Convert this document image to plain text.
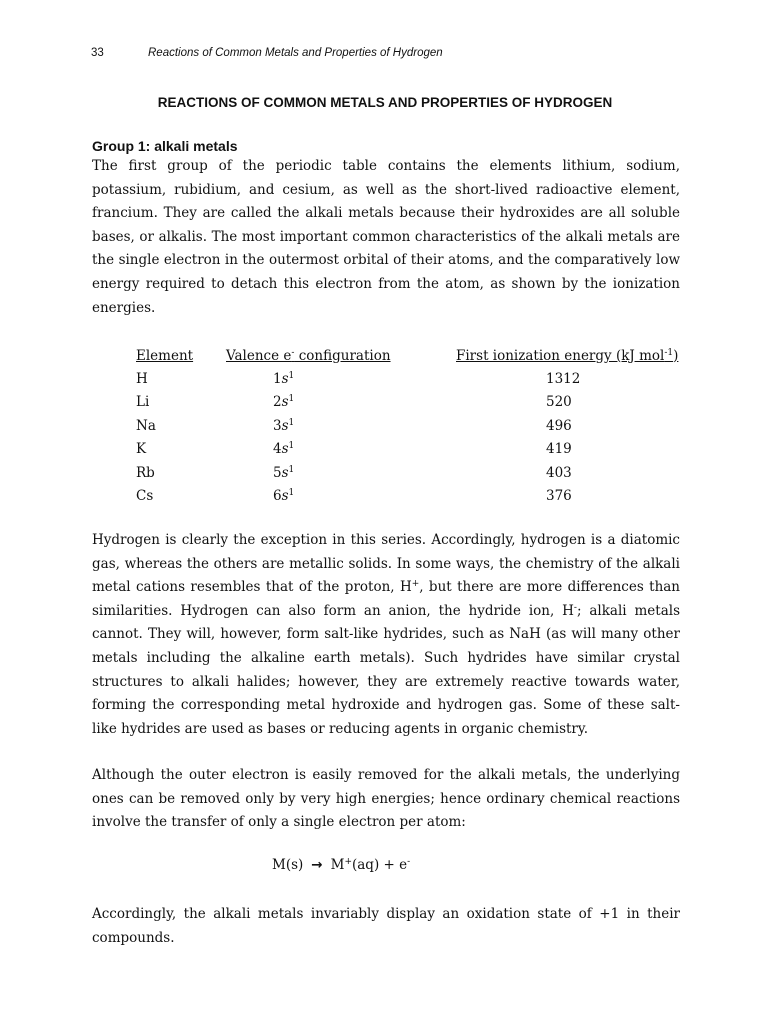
33	Reactions of Common Metals and Properties of Hydrogen
REACTIONS OF COMMON METALS AND PROPERTIES OF HYDROGEN
Group 1: alkali metals

The first group of the periodic table contains the elements lithium, sodium, potassium, rubidium, and cesium, as well as the short-lived radioactive element, francium. They are called the alkali metals because their hydroxides are all soluble bases, or alkalis. The most important common characteristics of the alkali metals are the single electron in the outermost orbital of their atoms, and the comparatively low energy required to detach this electron from the atom, as shown by the ionization energies.

Element	Valence e- configuration	First ionization energy (kJ mol$^{-1}$)
H	$1s^1$	1312
Li	$2s^1$	520
Na	$3s^1$	496
K	$4s^1$	419
Rb	$5s^1$	403
Cs	$6s^1$	376

Hydrogen is clearly the exception in this series. Accordingly, hydrogen is a diatomic gas, whereas the others are metallic solids. In some ways, the chemistry of the alkali metal cations resembles that of the proton, H+, but there are more differences than similarities. Hydrogen can also form an anion, the hydride ion, H-; alkali metals cannot. They will, however, form salt-like hydrides, such as NaH (as will many other metals including the alkaline earth metals). Such hydrides have similar crystal structures to alkali halides; however, they are extremely reactive towards water, forming the corresponding metal hydroxide and hydrogen gas. Some of these salt-like hydrides are used as bases or reducing agents in organic chemistry.

Although the outer electron is easily removed for the alkali metals, the underlying ones can be removed only by very high energies; hence ordinary chemical reactions involve the transfer of only a single electron per atom:

M(s) → M+(aq) + e-

Accordingly, the alkali metals invariably display an oxidation state of +1 in their compounds.
